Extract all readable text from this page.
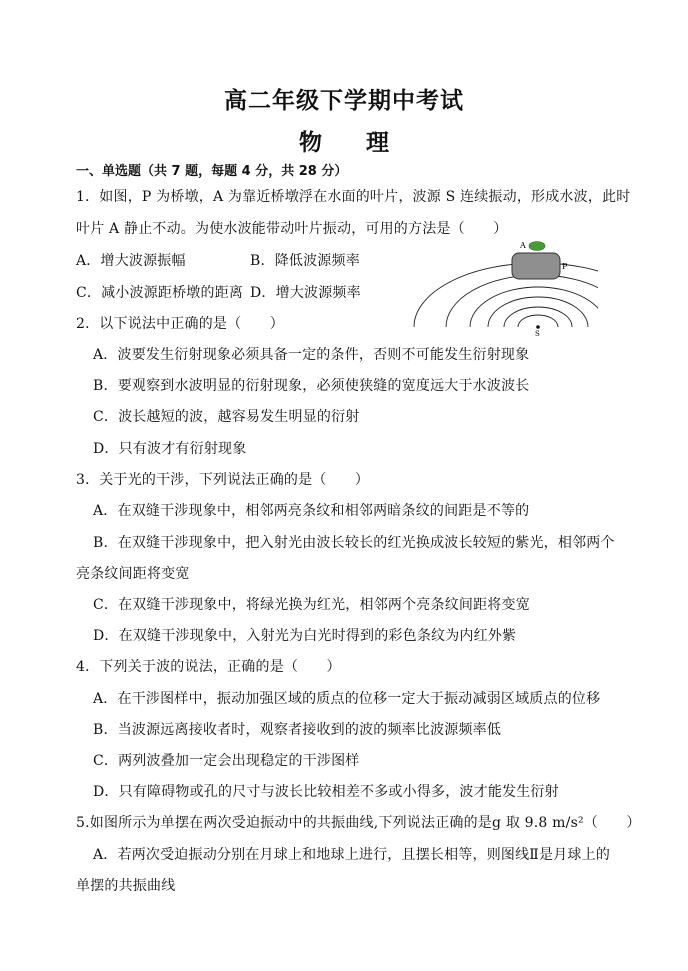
高二年级下学期中考试
物 理
一、单选题（共 7 题，每题 4 分，共 28 分）
1．如图，P 为桥墩，A 为靠近桥墩浮在水面的叶片，波源 S 连续振动，形成水波，此时
叶片 A 静止不动。为使水波能带动叶片振动，可用的方法是（　　）
A．增大波源振幅	B．降低波源频率
C．减小波源距桥墩的距离 D．增大波源频率
A
P
S
2．以下说法中正确的是（　　）
A．波要发生衍射现象必须具备一定的条件，否则不可能发生衍射现象
B．要观察到水波明显的衍射现象，必须使狭缝的宽度远大于水波波长
C．波长越短的波，越容易发生明显的衍射
D．只有波才有衍射现象
3．关于光的干涉，下列说法正确的是（　　）
A．在双缝干涉现象中，相邻两亮条纹和相邻两暗条纹的间距是不等的
B．在双缝干涉现象中，把入射光由波长较长的红光换成波长较短的紫光，相邻两个
亮条纹间距将变宽
C．在双缝干涉现象中，将绿光换为红光，相邻两个亮条纹间距将变宽
D．在双缝干涉现象中，入射光为白光时得到的彩色条纹为内红外紫
4．下列关于波的说法，正确的是（　　）
A．在干涉图样中，振动加强区域的质点的位移一定大于振动减弱区域质点的位移
B．当波源远离接收者时，观察者接收到的波的频率比波源频率低
C．两列波叠加一定会出现稳定的干涉图样
D．只有障碍物或孔的尺寸与波长比较相差不多或小得多，波才能发生衍射
5.如图所示为单摆在两次受迫振动中的共振曲线,下列说法正确的是g 取 9.8 m/s²（　　）
A．若两次受迫振动分别在月球上和地球上进行，且摆长相等，则图线Ⅱ是月球上的
单摆的共振曲线
